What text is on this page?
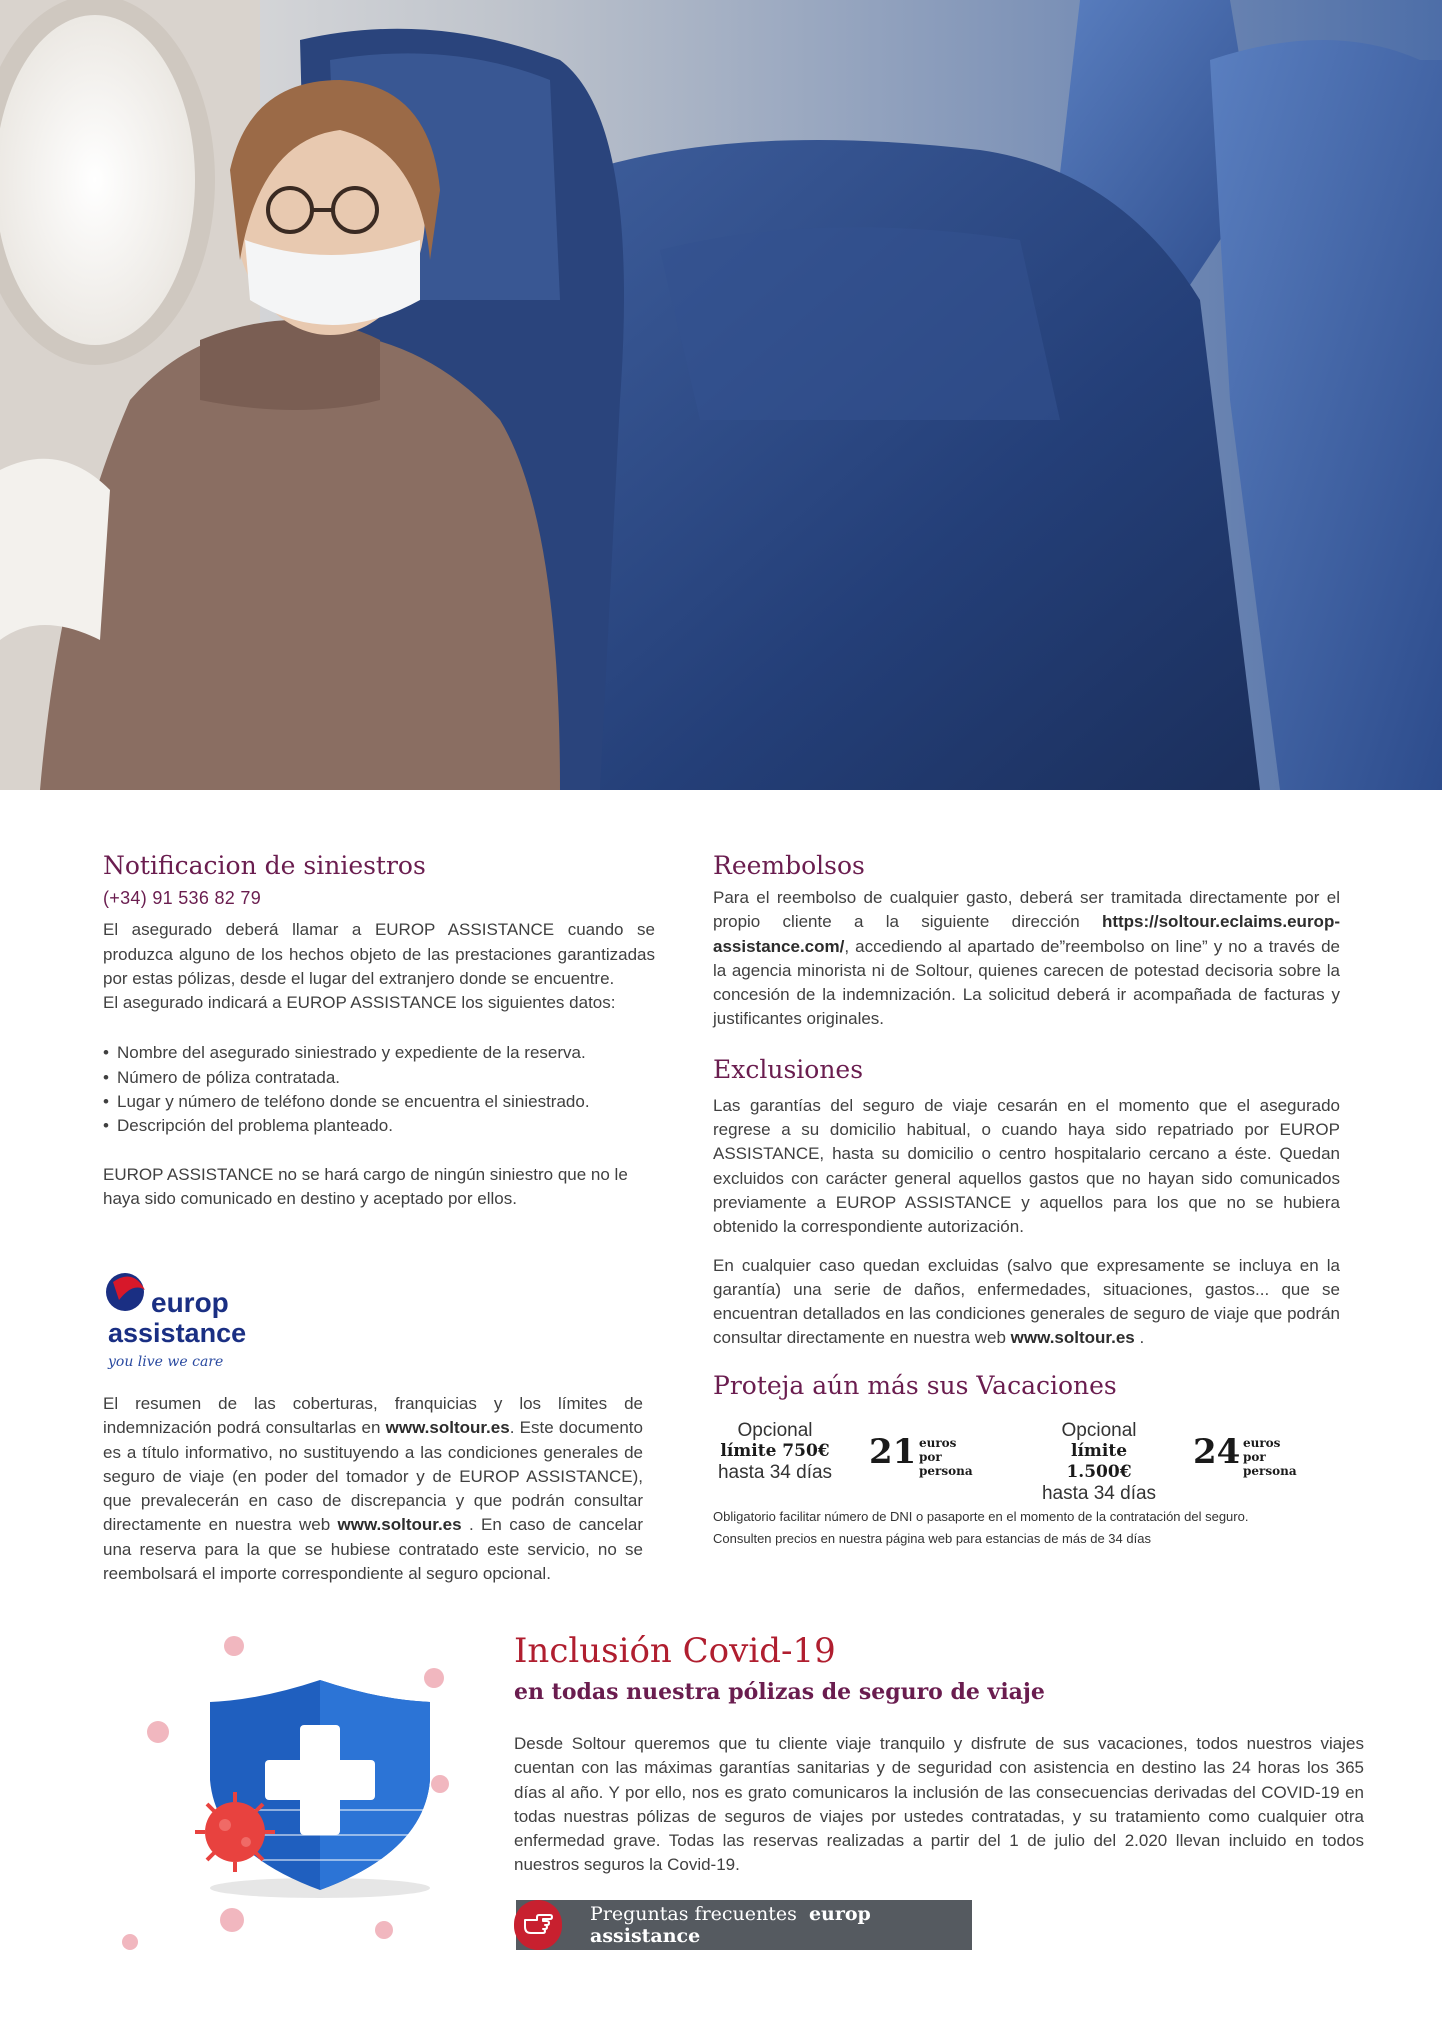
Notificacion de siniestros
(+34) 91 536 82 79

El asegurado deberá llamar a EUROP ASSISTANCE cuando se produzca alguno de los hechos objeto de las prestaciones garantizadas por estas pólizas, desde el lugar del extranjero donde se encuentre.

El asegurado indicará a EUROP ASSISTANCE los siguientes datos:

• Nombre del asegurado siniestrado y expediente de la reserva.
• Número de póliza contratada.
• Lugar y número de teléfono donde se encuentra el siniestrado.
• Descripción del problema planteado.

EUROP ASSISTANCE no se hará cargo de ningún siniestro que no le haya sido comunicado en destino y aceptado por ellos.

europ
assistance
you live we care
El resumen de las coberturas, franquicias y los límites de indemnización podrá consultarlas en www.soltour.es. Este documento es a título informativo, no sustituyendo a las condiciones generales de seguro de viaje (en poder del tomador y de EUROP ASSISTANCE), que prevalecerán en caso de discrepancia y que podrán consultar directamente en nuestra web www.soltour.es . En caso de cancelar una reserva para la que se hubiese contratado este servicio, no se reembolsará el importe correspondiente al seguro opcional.
Reembolsos

Para el reembolso de cualquier gasto, deberá ser tramitada directamente por el propio cliente a la siguiente dirección https://soltour.eclaims.europ-assistance.com/, accediendo al apartado de”reembolso on line” y no a través de la agencia minorista ni de Soltour, quienes carecen de potestad decisoria sobre la concesión de la indemnización. La solicitud deberá ir acompañada de facturas y justificantes originales.

Exclusiones

Las garantías del seguro de viaje cesarán en el momento que el asegurado regrese a su domicilio habitual, o cuando haya sido repatriado por EUROP ASSISTANCE, hasta su domicilio o centro hospitalario cercano a éste. Quedan excluidos con carácter general aquellos gastos que no hayan sido comunicados previamente a EUROP ASSISTANCE y aquellos para los que no se hubiera obtenido la correspondiente autorización.

En cualquier caso quedan excluidas (salvo que expresamente se incluya en la garantía) una serie de daños, enfermedades, situaciones, gastos... que se encuentran detallados en las condiciones generales de seguro de viaje que podrán consultar directamente en nuestra web www.soltour.es .

Proteja aún más sus Vacaciones
Opcional
límite 750€
hasta 34 días
21 euros
por persona
Opcional
límite 1.500€
hasta 34 días
24 euros
por persona
Obligatorio facilitar número de DNI o pasaporte en el momento de la contratación del seguro.
Consulten precios en nuestra página web para estancias de más de 34 días
Inclusión Covid-19
en todas nuestra pólizas de seguro de viaje

Desde Soltour queremos que tu cliente viaje tranquilo y disfrute de sus vacaciones, todos nuestros viajes cuentan con las máximas garantías sanitarias y de seguridad con asistencia en destino las 24 horas los 365 días al año. Y por ello, nos es grato comunicaros la inclusión de las consecuencias derivadas del COVID-19 en todas nuestras pólizas de seguros de viajes por ustedes contratadas, y su tratamiento como cualquier otra enfermedad grave. Todas las reservas realizadas a partir del 1 de julio del 2.020 llevan incluido en todos nuestros seguros la Covid-19.

Preguntas frecuentes europ assistance
